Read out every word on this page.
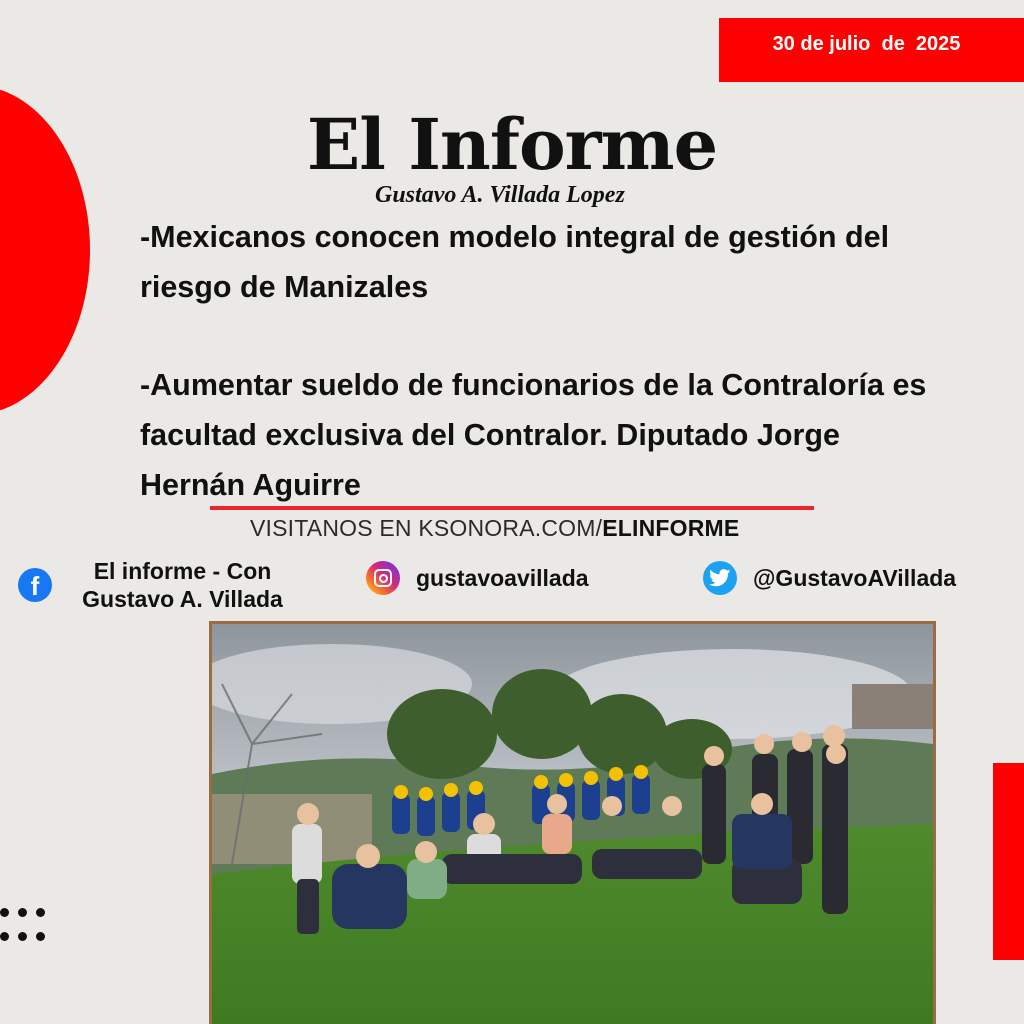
30 de julio  de  2025
El Informe
Gustavo A. Villada Lopez
-Mexicanos conocen modelo integral de gestión del riesgo de Manizales
-Aumentar sueldo de funcionarios de la Contraloría es facultad exclusiva del Contralor. Diputado Jorge Hernán Aguirre
VISITANOS EN KSONORA.COM/ELINFORME
f	El informe - Con
Gustavo A. Villada
gustavoavillada	@GustavoAVillada
